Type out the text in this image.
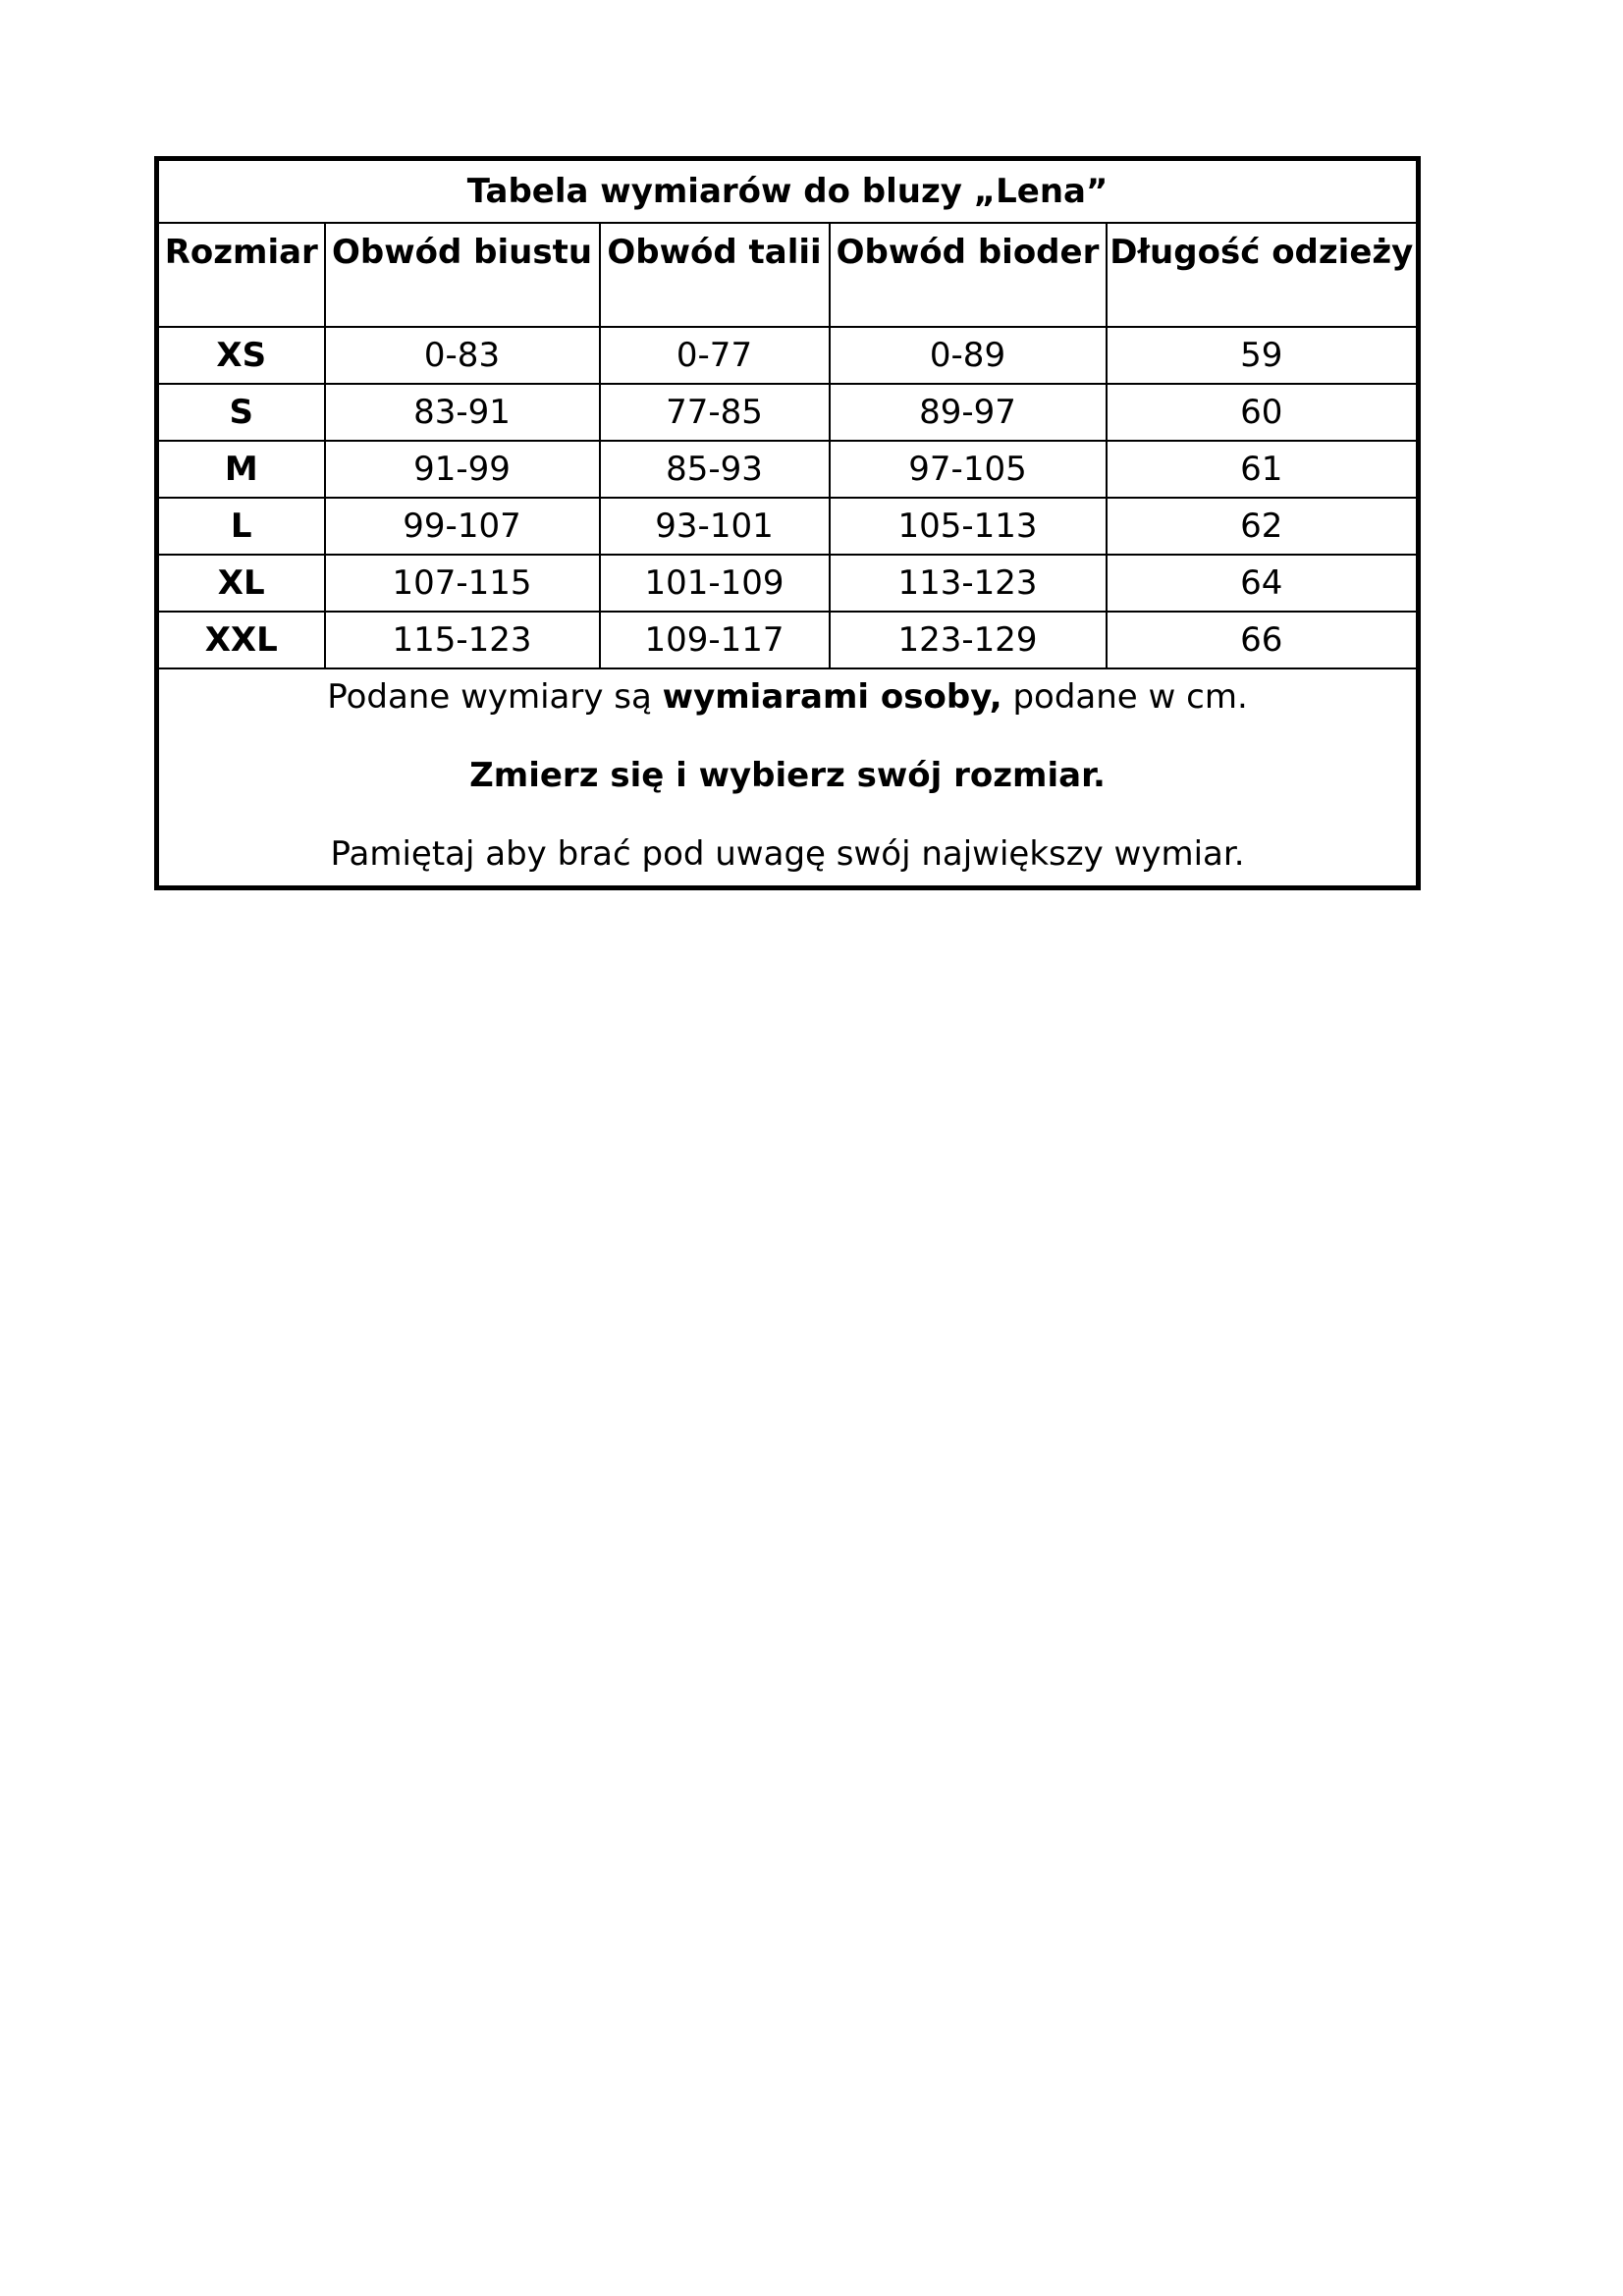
Tabela wymiarów do bluzy „Lena”				
Rozmiar	Obwód biustu	Obwód talii	Obwód bioder	Długość odzieży
XS	0-83	0-77	0-89	59
S	83-91	77-85	89-97	60
M	91-99	85-93	97-105	61
L	99-107	93-101	105-113	62
XL	107-115	101-109	113-123	64
XXL	115-123	109-117	123-129	66

Podane wymiary są wymiarami osoby, podane w cm.

Zmierz się i wybierz swój rozmiar.

Pamiętaj aby brać pod uwagę swój największy wymiar.				
